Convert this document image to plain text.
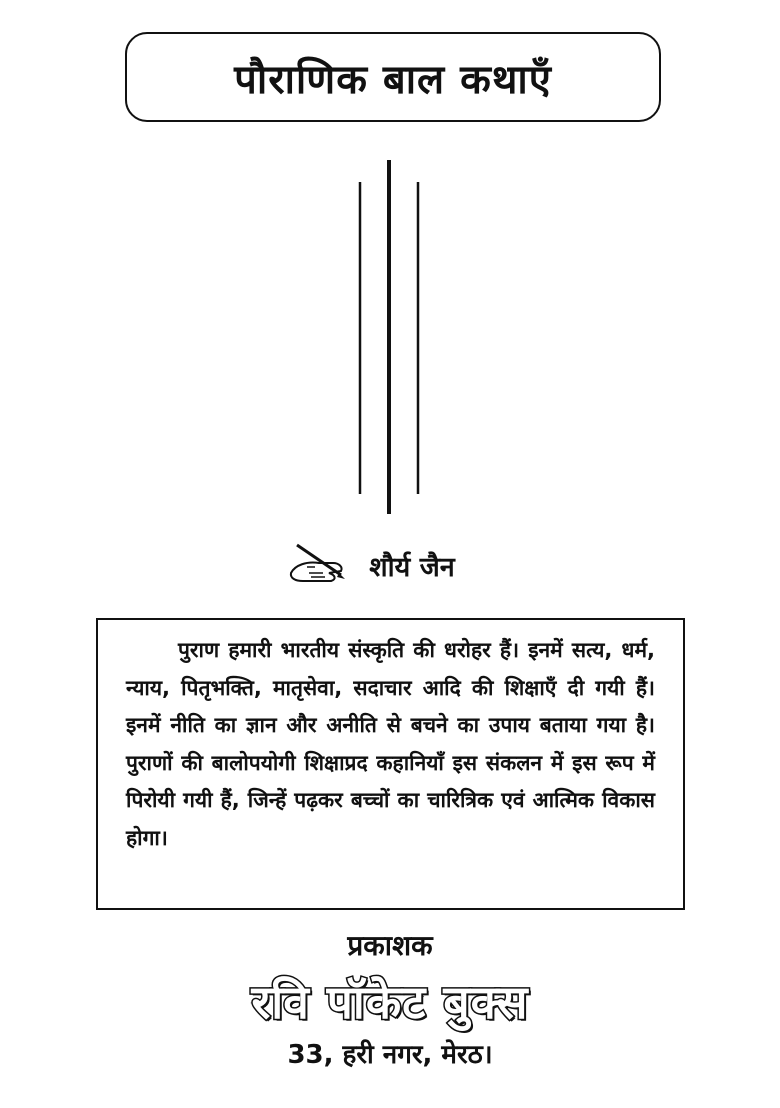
पौराणिक बाल कथाएँ
शौर्य जैन

पुराण हमारी भारतीय संस्कृति की धरोहर हैं। इनमें सत्य, धर्म, न्याय, पितृभक्ति, मातृसेवा, सदाचार आदि की शिक्षाएँ दी गयी हैं। इनमें नीति का ज्ञान और अनीति से बचने का उपाय बताया गया है। पुराणों की बालोपयोगी शिक्षाप्रद कहानियाँ इस संकलन में इस रूप में पिरोयी गयी हैं, जिन्हें पढ़कर बच्चों का चारित्रिक एवं आत्मिक विकास होगा।

प्रकाशक
रवि पॉकेट बुक्स
33, हरी नगर, मेरठ।
